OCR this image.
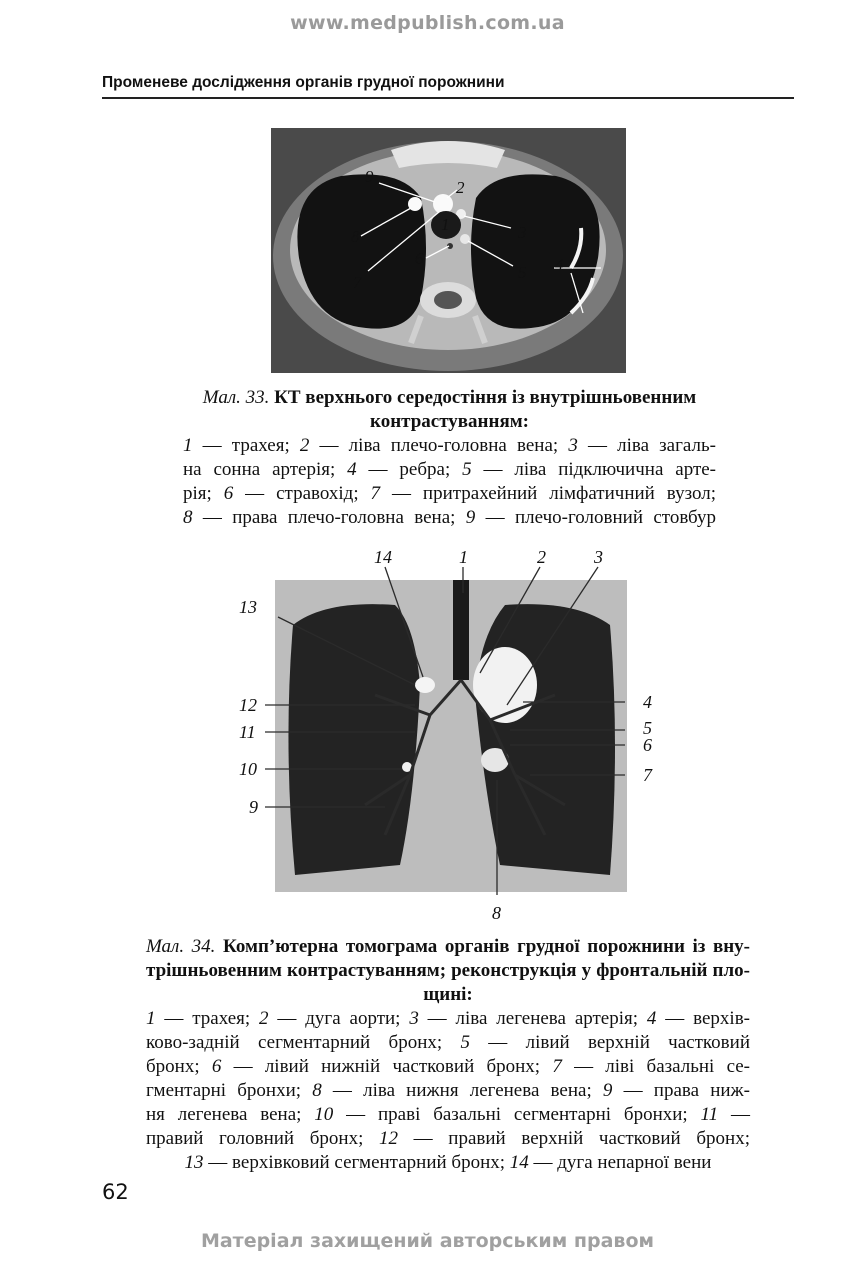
www.medpublish.com.ua
Променеве дослідження органів грудної порожнини
9
2
1	3
8
6
5 4
7
Мал. 33. КТ верхнього середостіння із внутрішньовенним
контрастуванням:
1 — трахея; 2 — ліва плечо-головна вена; 3 — ліва загаль-
на сонна артерія; 4 — ребра; 5 — ліва підключична арте-
рія; 6 — стравохід; 7 — притрахейний лімфатичний вузол;
8 — права плечо-головна вена; 9 — плечо-головний стовбур
14	1	2	3
13
12
11
10
9
4
5
6
7
8
Мал. 34. Комп’ютерна томограма органів грудної порожнини із вну-
трішньовенним контрастуванням; реконструкція у фронтальній пло-
щині:
1 — трахея; 2 — дуга аорти; 3 — ліва легенева артерія; 4 — верхів-
ково-задній сегментарний бронх; 5 — лівий верхній частковий
бронх; 6 — лівий нижній частковий бронх; 7 — ліві базальні се-
гментарні бронхи; 8 — ліва нижня легенева вена; 9 — права ниж-
ня легенева вена; 10 — праві базальні сегментарні бронхи; 11 —
правий головний бронх; 12 — правий верхній частковий бронх;
13 — верхівковий сегментарний бронх; 14 — дуга непарної вени
62
Матеріал захищений авторським правом
